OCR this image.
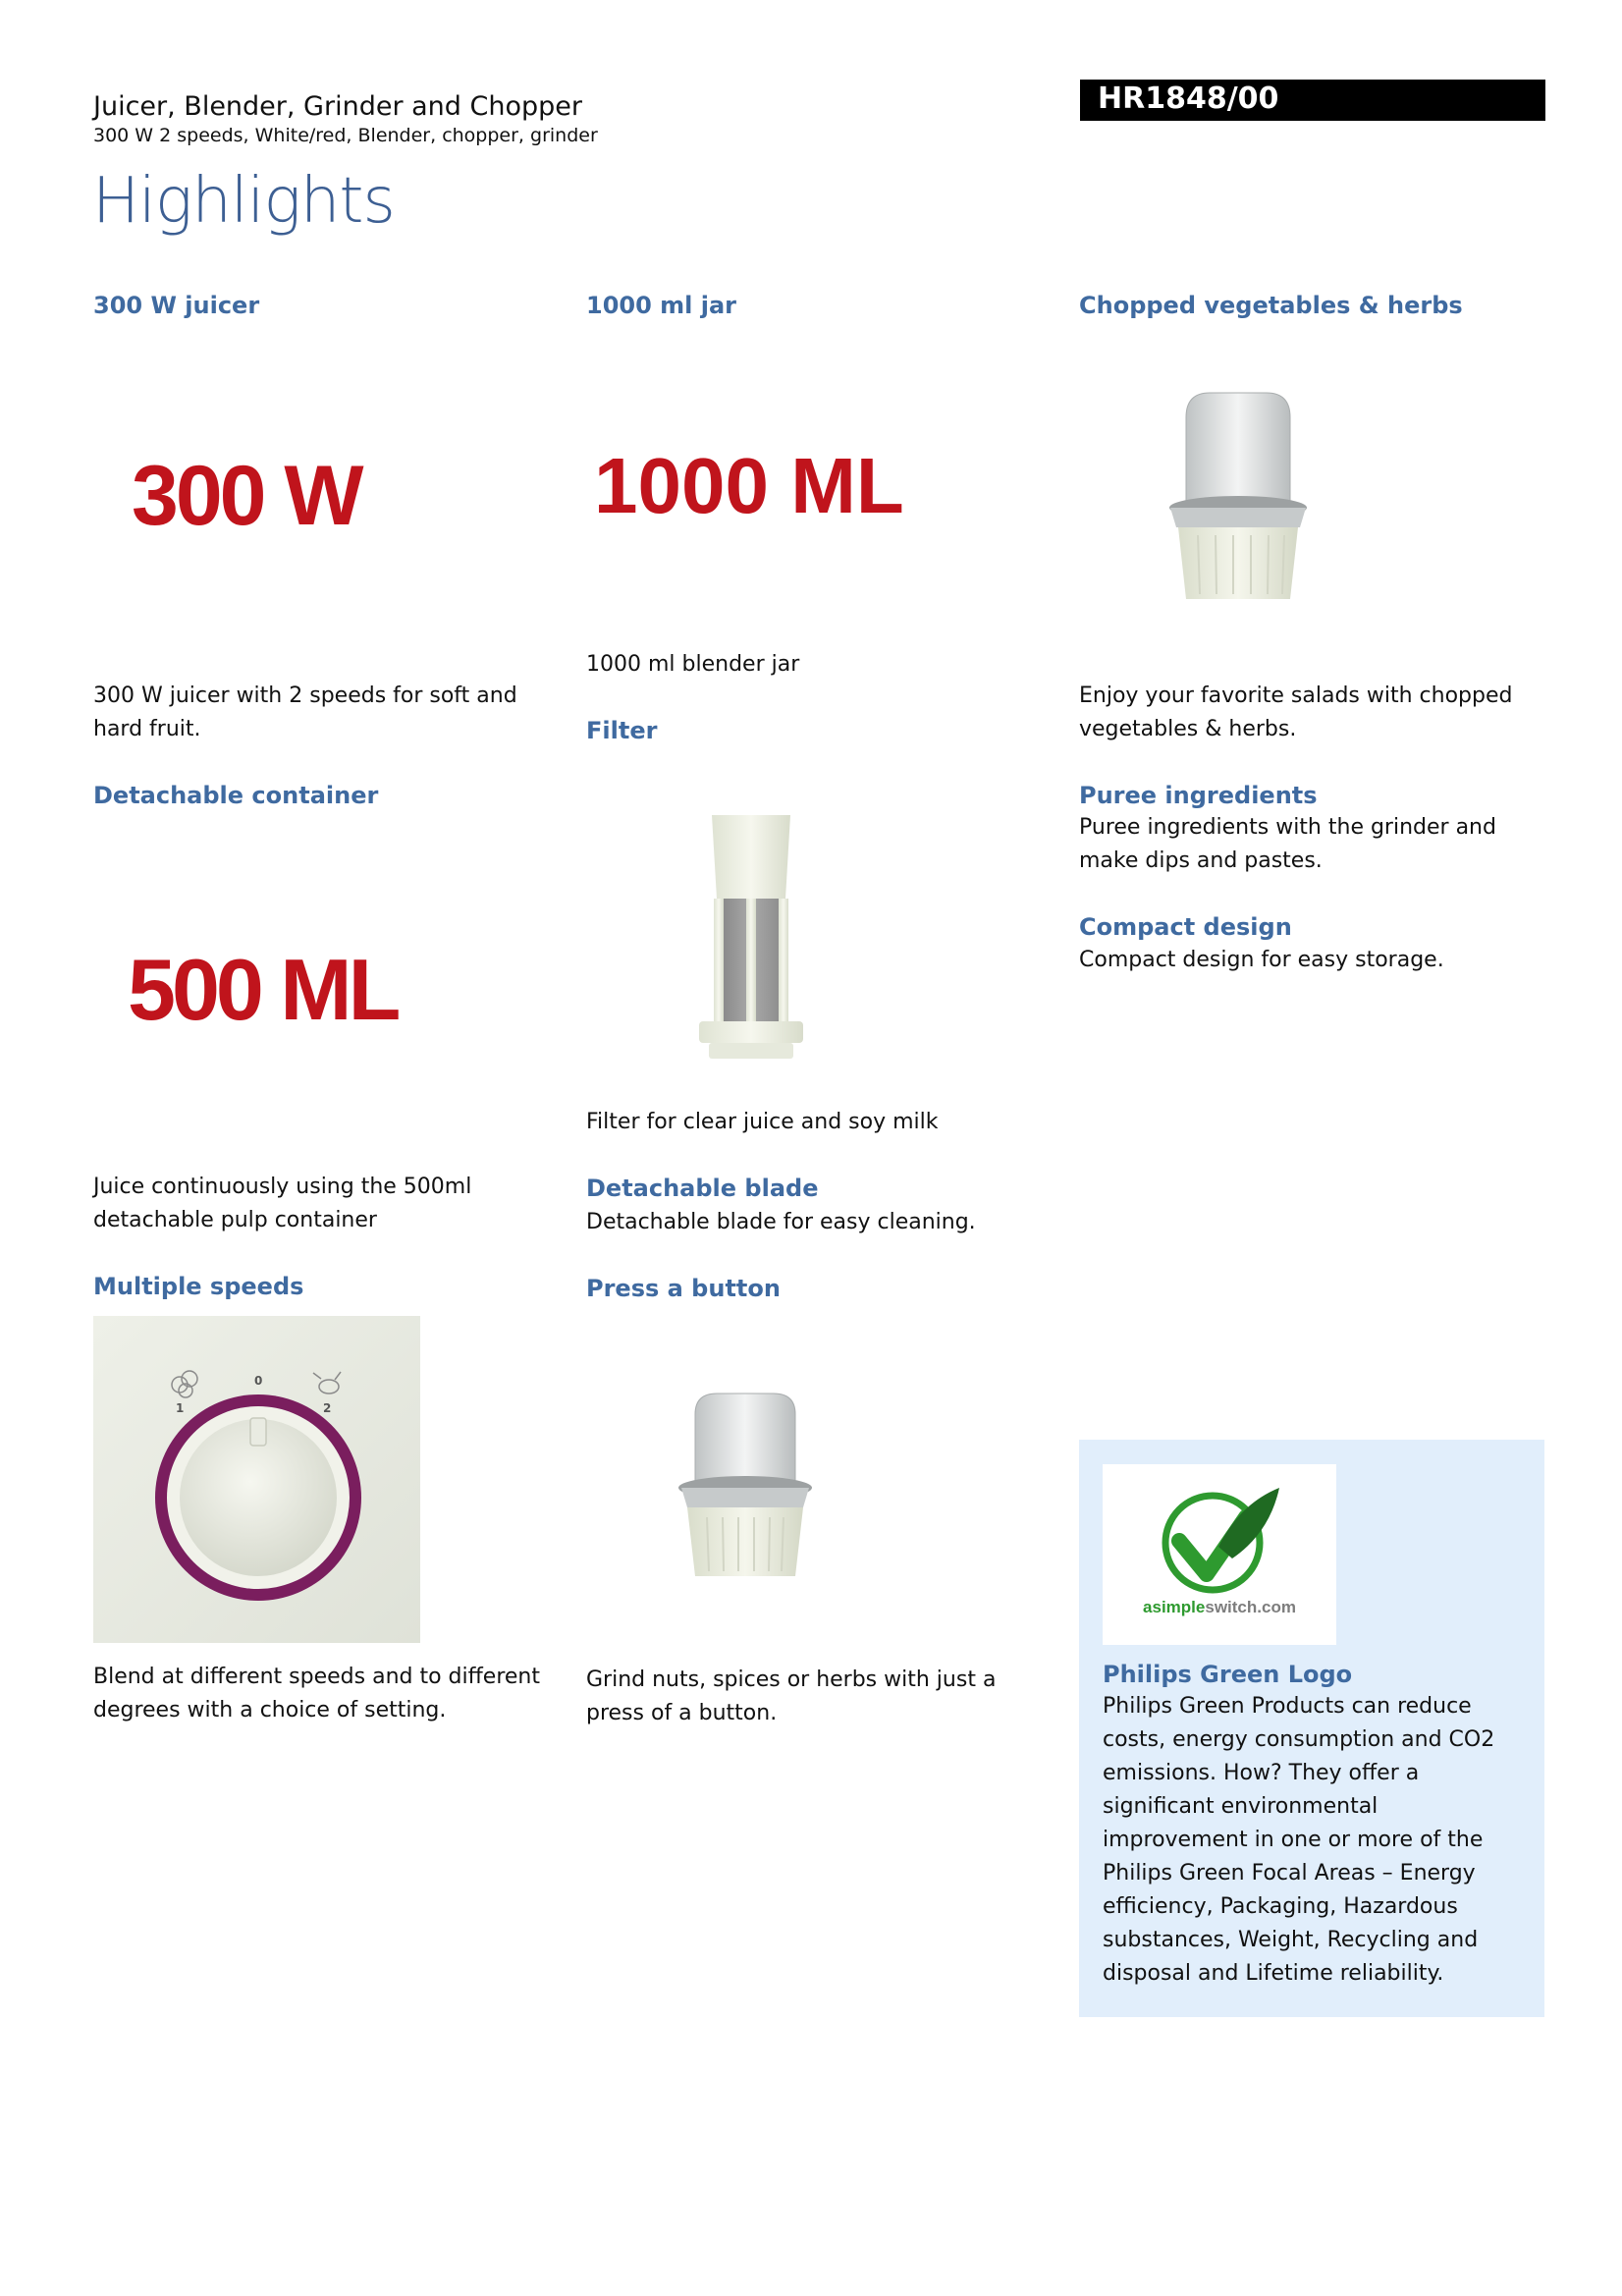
Juicer, Blender, Grinder and Chopper
300 W 2 speeds, White/red, Blender, chopper, grinder
HR1848/00
Highlights
300 W juicer
300 W
300 W juicer with 2 speeds for soft and hard fruit.
Detachable container
500 ML
Juice continuously using the 500ml detachable pulp container
Multiple speeds
0
1	2
Blend at different speeds and to different degrees with a choice of setting.
1000 ml jar
1000 ML
1000 ml blender jar
Filter
Filter for clear juice and soy milk
Detachable blade
Detachable blade for easy cleaning.
Press a button
Grind nuts, spices or herbs with just a press of a button.
Chopped vegetables & herbs
Enjoy your favorite salads with chopped vegetables & herbs.
Puree ingredients
Puree ingredients with the grinder and make dips and pastes.
Compact design
Compact design for easy storage.
asimpleswitch.com
Philips Green Logo
Philips Green Products can reduce costs, energy consumption and CO2 emissions. How? They offer a significant environmental improvement in one or more of the Philips Green Focal Areas – Energy efficiency, Packaging, Hazardous substances, Weight, Recycling and disposal and Lifetime reliability.
